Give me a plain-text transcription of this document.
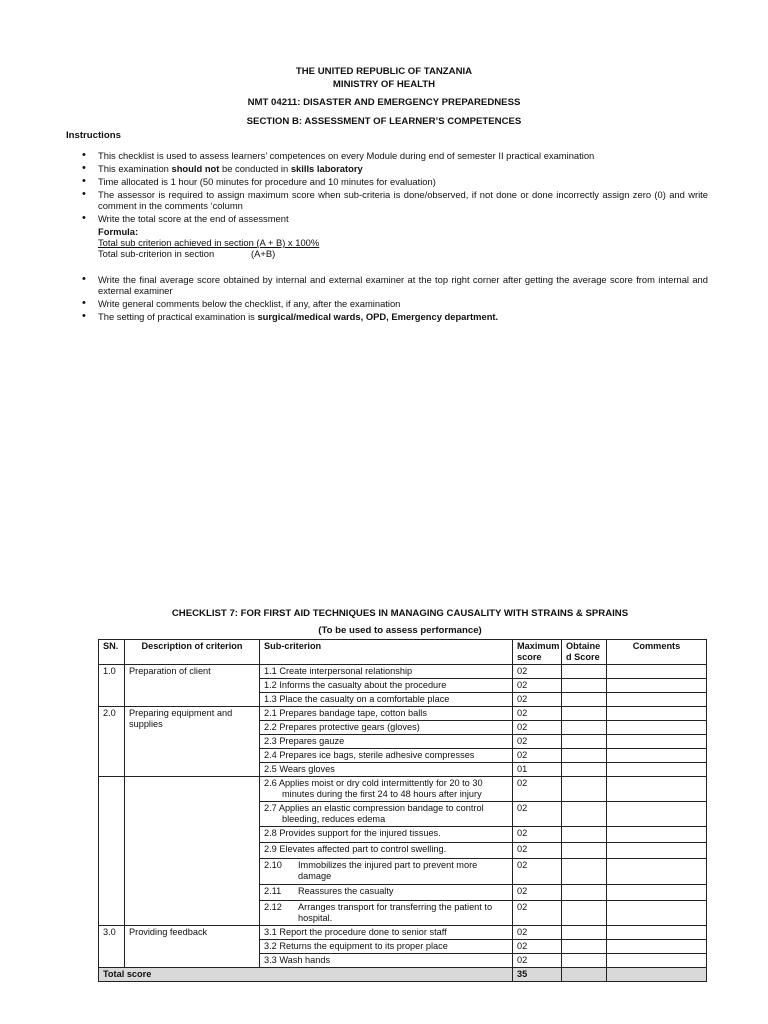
THE UNITED REPUBLIC OF TANZANIA
MINISTRY OF HEALTH
NMT 04211: DISASTER AND EMERGENCY PREPAREDNESS
SECTION B: ASSESSMENT OF LEARNER’S COMPETENCES
Instructions
• This checklist is used to assess learners’ competences on every Module during end of semester II practical examination
• This examination should not be conducted in skills laboratory
• Time allocated is 1 hour (50 minutes for procedure and 10 minutes for evaluation)
• The assessor is required to assign maximum score when sub-criteria is done/observed, if not done or done incorrectly assign zero (0) and write comment in the comments ‘column
• Write the total score at the end of assessment
Formula:
Total sub criterion achieved in section (A + B) x 100%
Total sub-criterion in section	(A+B)
• Write the final average score obtained by internal and external examiner at the top right corner after getting the average score from internal and external examiner
• Write general comments below the checklist, if any, after the examination
• The setting of practical examination is surgical/medical wards, OPD, Emergency department.
CHECKLIST 7: FOR FIRST AID TECHNIQUES IN MANAGING CAUSALITY WITH STRAINS & SPRAINS
(To be used to assess performance)
SN.	Description of criterion	Sub-criterion	Maximum score	Obtaine d Score	Comments
1.0	Preparation of client	1.1 Create interpersonal relationship	02		
		1.2 Informs the casualty about the procedure	02		
		1.3 Place the casualty on a comfortable place	02		
2.0	Preparing equipment and supplies	2.1 Prepares bandage tape, cotton balls	02		
		2.2 Prepares protective gears (gloves)	02		
		2.3 Prepares gauze	02		
		2.4 Prepares ice bags, sterile adhesive compresses	02		
		2.5 Wears gloves	01		
		2.6 Applies moist or dry cold intermittently for 20 to 30
minutes during the first 24 to 48 hours after injury	02		
		2.7 Applies an elastic compression bandage to control
bleeding, reduces edema	02		
		2.8 Provides support for the injured tissues.	02		
		2.9 Elevates affected part to control swelling.	02		
		2.10 Immobilizes the injured part to prevent more
damage	02		
		2.11 Reassures the casualty	02		
		2.12 Arranges transport for transferring the patient to
hospital.	02		
3.0	Providing feedback	3.1 Report the procedure done to senior staff	02		
		3.2 Returns the equipment to its proper place	02		
		3.3 Wash hands	02		
Total score			35		
